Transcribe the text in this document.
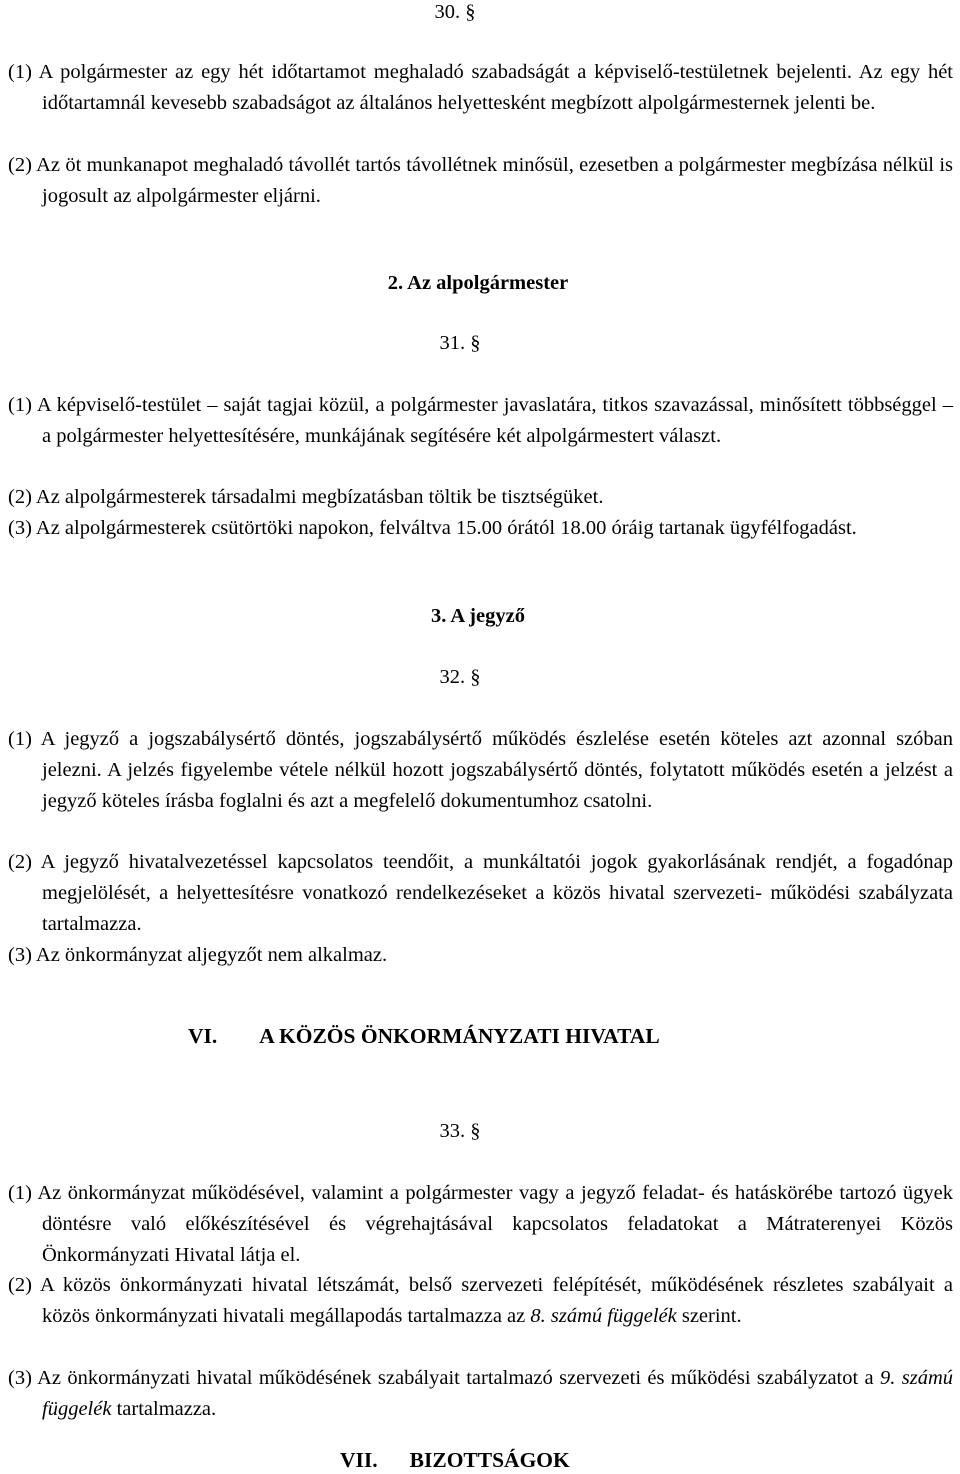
30. §
(1) A polgármester az egy hét időtartamot meghaladó szabadságát a képviselő-testületnek bejelenti. Az egy hét időtartamnál kevesebb szabadságot az általános helyettesként megbízott alpolgármesternek jelenti be.
(2) Az öt munkanapot meghaladó távollét tartós távollétnek minősül, ezesetben a polgármester megbízása nélkül is jogosult az alpolgármester eljárni.
2. Az alpolgármester
31. §
(1) A képviselő-testület – saját tagjai közül, a polgármester javaslatára, titkos szavazással, minősített többséggel – a polgármester helyettesítésére, munkájának segítésére két alpolgármestert választ.
(2) Az alpolgármesterek társadalmi megbízatásban töltik be tisztségüket.
(3) Az alpolgármesterek csütörtöki napokon, felváltva 15.00 órától 18.00 óráig tartanak ügyfélfogadást.
3. A jegyző
32. §
(1) A jegyző a jogszabálysértő döntés, jogszabálysértő működés észlelése esetén köteles azt azonnal szóban jelezni. A jelzés figyelembe vétele nélkül hozott jogszabálysértő döntés, folytatott működés esetén a jelzést a jegyző köteles írásba foglalni és azt a megfelelő dokumentumhoz csatolni.
(2) A jegyző hivatalvezetéssel kapcsolatos teendőit, a munkáltatói jogok gyakorlásának rendjét, a fogadónap megjelölését, a helyettesítésre vonatkozó rendelkezéseket a közös hivatal szervezeti- működési szabályzata tartalmazza.
(3) Az önkormányzat aljegyzőt nem alkalmaz.
VI. A KÖZÖS ÖNKORMÁNYZATI HIVATAL
33. §
(1) Az önkormányzat működésével, valamint a polgármester vagy a jegyző feladat- és hatáskörébe tartozó ügyek döntésre való előkészítésével és végrehajtásával kapcsolatos feladatokat a Mátraterenyei Közös Önkormányzati Hivatal látja el.
(2) A közös önkormányzati hivatal létszámát, belső szervezeti felépítését, működésének részletes szabályait a közös önkormányzati hivatali megállapodás tartalmazza az 8. számú függelék szerint.
(3) Az önkormányzati hivatal működésének szabályait tartalmazó szervezeti és működési szabályzatot a 9. számú függelék tartalmazza.
VII. BIZOTTSÁGOK
